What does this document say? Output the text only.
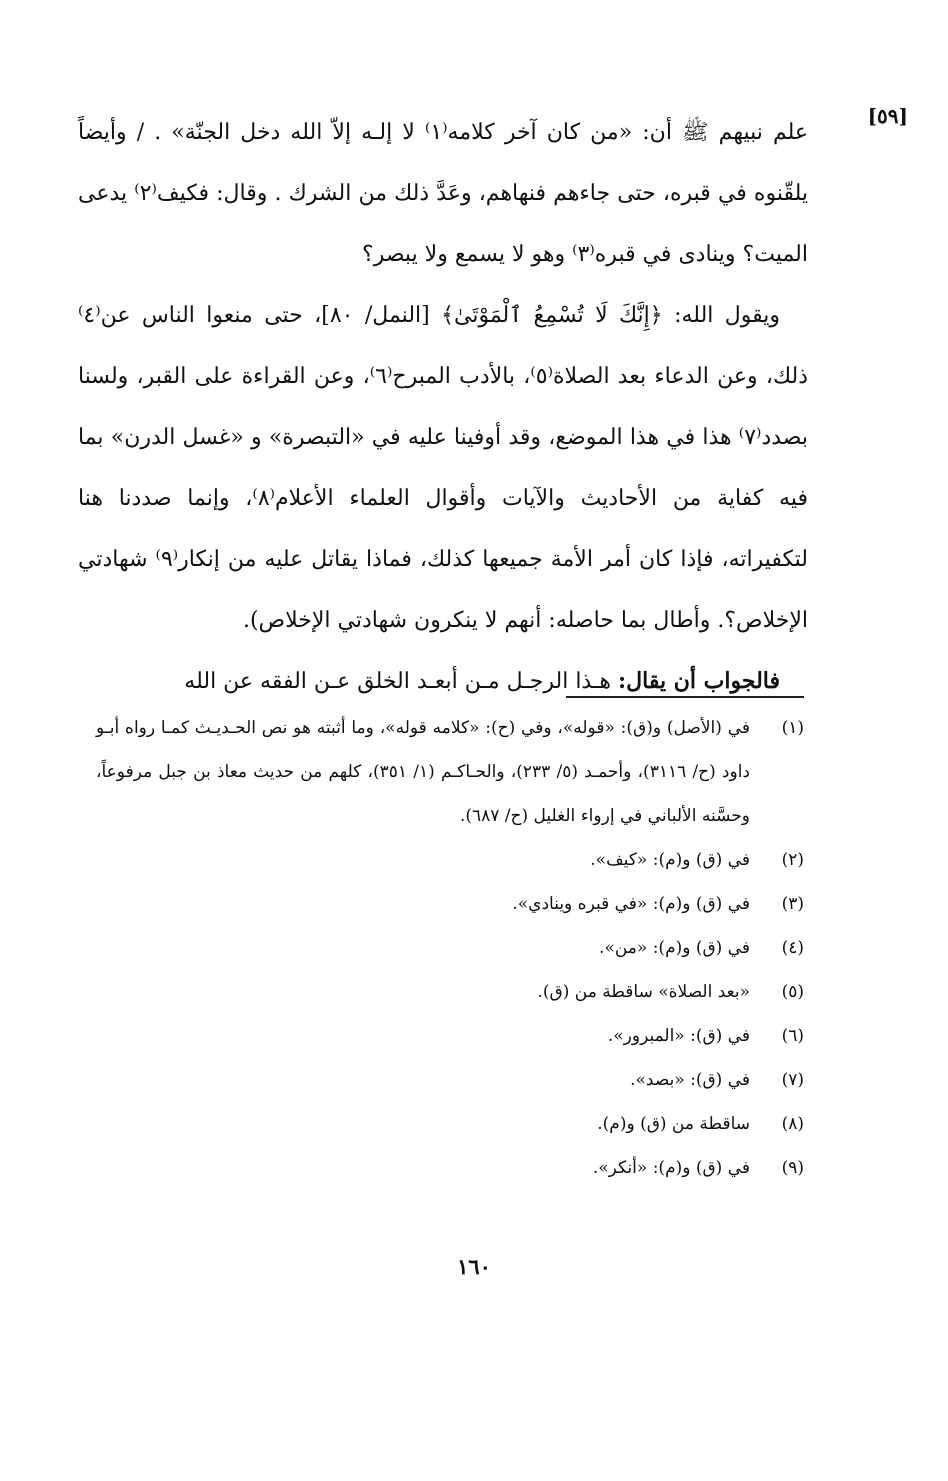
[٥٩]

علم نبيهم ﷺ أن: «من كان آخر كلامه⁽١⁾ لا إلـه إلاّ الله دخل الجنّة» . / وأيضاً يلقّنوه في قبره، حتى جاءهم فنهاهم، وعَدَّ ذلك من الشرك . وقال: فكيف⁽٢⁾ يدعى الميت؟ وينادى في قبره⁽٣⁾ وهو لا يسمع ولا يبصر؟

ويقول الله: ﴿إِنَّكَ لَا تُسْمِعُ ٱلْمَوْتَىٰ﴾ [النمل/ ٨٠]، حتى منعوا الناس عن⁽٤⁾ ذلك، وعن الدعاء بعد الصلاة⁽٥⁾، بالأدب المبرح⁽٦⁾، وعن القراءة على القبر، ولسنا بصدد⁽٧⁾ هذا في هذا الموضع، وقد أوفينا عليه في «التبصرة» و «غسل الدرن» بما فيه كفاية من الأحاديث والآيات وأقوال العلماء الأعلام⁽٨⁾، وإنما صددنا هنا لتكفيراته، فإذا كان أمر الأمة جميعها كذلك، فماذا يقاتل عليه من إنكار⁽٩⁾ شهادتي الإخلاص؟. وأطال بما حاصله: أنهم لا ينكرون شهادتي الإخلاص).

فالجواب أن يقال: هـذا الرجـل مـن أبعـد الخلق عـن الفقه عن الله

(١)
في (الأصل) و(ق): «قوله»، وفي (ح): «كلامه قوله»، وما أثبته هو نص الحـديـث كمـا رواه أبـو داود (ح/ ٣١١٦)، وأحمـد (٥/ ٢٣٣)، والحـاكـم (١/ ٣٥١)، كلهم من حديث معاذ بن جبل مرفوعاً، وحسَّنه الألباني في إرواء الغليل (ح/ ٦٨٧).
(٢)
في (ق) و(م): «كيف».
(٣)
في (ق) و(م): «في قبره وينادي».
(٤)
في (ق) و(م): «من».
(٥)
«بعد الصلاة» ساقطة من (ق).
(٦)
في (ق): «المبرور».
(٧)
في (ق): «بصد».
(٨)
ساقطة من (ق) و(م).
(٩)
في (ق) و(م): «أنكر».
١٦٠
